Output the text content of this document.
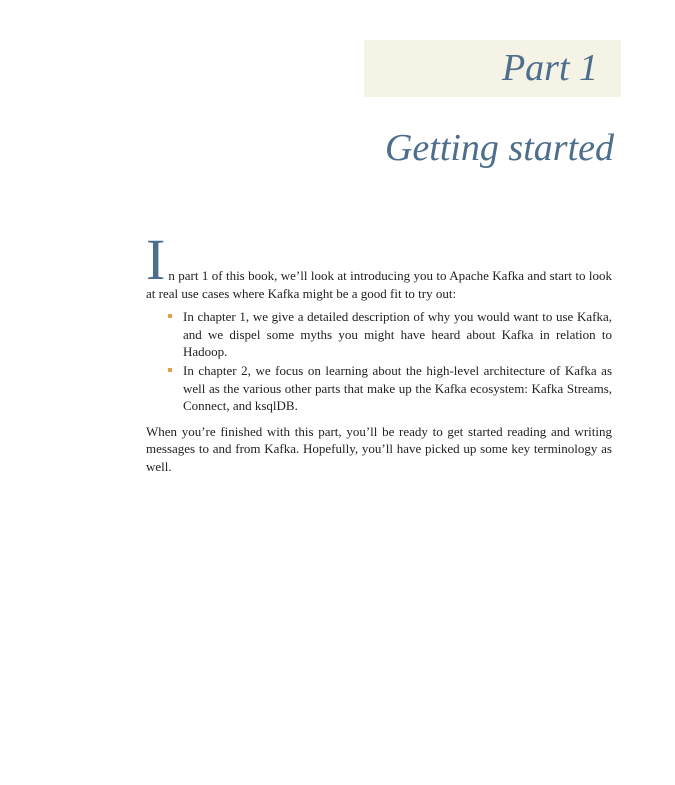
Part 1
Getting started

I n part 1 of this book, we’ll look at introducing you to Apache Kafka and start to look at real use cases where Kafka might be a good fit to try out:

In chapter 1, we give a detailed description of why you would want to use Kafka, and we dispel some myths you might have heard about Kafka in relation to Hadoop.
In chapter 2, we focus on learning about the high-level architecture of Kafka as well as the various other parts that make up the Kafka ecosystem: Kafka Streams, Connect, and ksqlDB.

When you’re finished with this part, you’ll be ready to get started reading and writing messages to and from Kafka. Hopefully, you’ll have picked up some key terminology as well.
